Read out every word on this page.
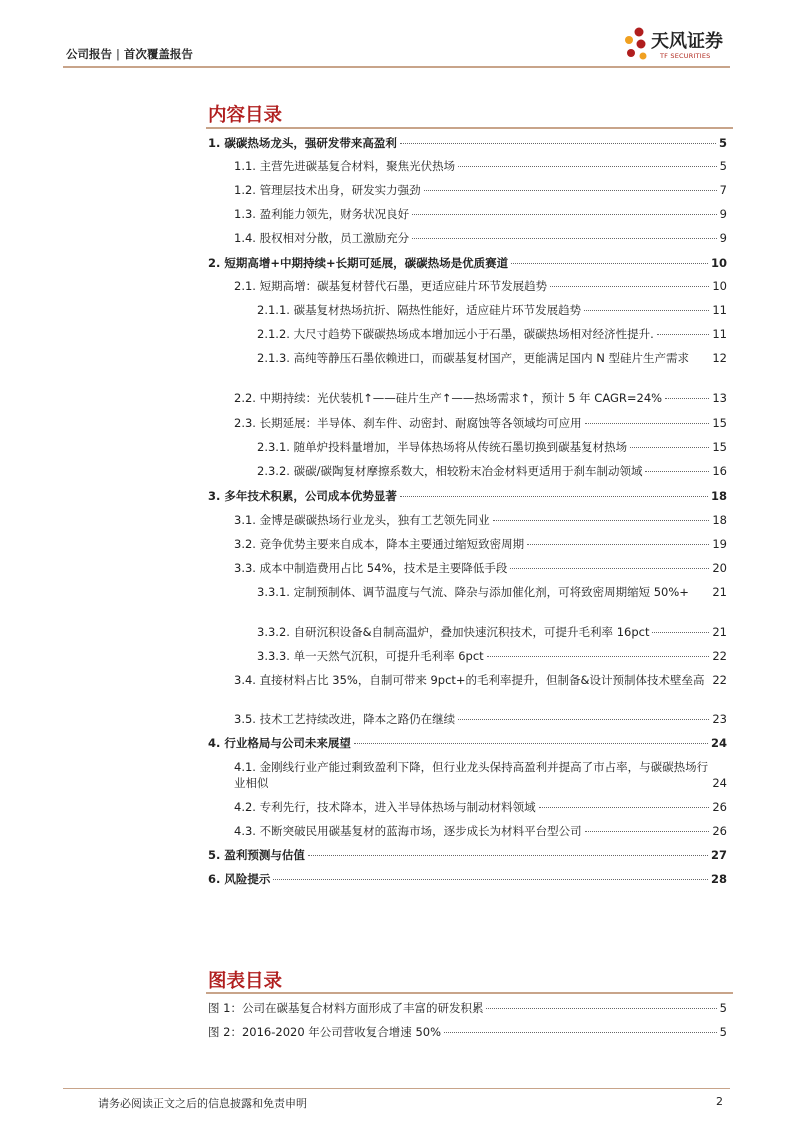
公司报告 | 首次覆盖报告
天风证券
TF SECURITIES
内容目录
1. 碳碳热场龙头，强研发带来高盈利	5
1.1. 主营先进碳基复合材料，聚焦光伏热场	5
1.2. 管理层技术出身，研发实力强劲	7
1.3. 盈利能力领先，财务状况良好	9
1.4. 股权相对分散，员工激励充分	9
2. 短期高增+中期持续+长期可延展，碳碳热场是优质赛道	10
2.1. 短期高增：碳基复材替代石墨，更适应硅片环节发展趋势	10
2.1.1. 碳基复材热场抗折、隔热性能好，适应硅片环节发展趋势	11
2.1.2. 大尺寸趋势下碳碳热场成本增加远小于石墨，碳碳热场相对经济性提升.	11
2.1.3. 高纯等静压石墨依赖进口，而碳基复材国产，更能满足国内 N 型硅片生产需求	12
2.2. 中期持续：光伏装机↑——硅片生产↑——热场需求↑，预计 5 年 CAGR=24%	13
2.3. 长期延展：半导体、刹车件、动密封、耐腐蚀等各领域均可应用	15
2.3.1. 随单炉投料量增加，半导体热场将从传统石墨切换到碳基复材热场	15
2.3.2. 碳碳/碳陶复材摩擦系数大，相较粉末冶金材料更适用于刹车制动领域	16
3. 多年技术积累，公司成本优势显著	18
3.1. 金博是碳碳热场行业龙头，独有工艺领先同业	18
3.2. 竞争优势主要来自成本，降本主要通过缩短致密周期	19
3.3. 成本中制造费用占比 54%，技术是主要降低手段	20
3.3.1. 定制预制体、调节温度与气流、降杂与添加催化剂，可将致密周期缩短 50%+	21
3.3.2. 自研沉积设备&自制高温炉，叠加快速沉积技术，可提升毛利率 16pct	21
3.3.3. 单一天然气沉积，可提升毛利率 6pct	22
3.4. 直接材料占比 35%，自制可带来 9pct+的毛利率提升，但制备&设计预制体技术壁垒高 22
3.5. 技术工艺持续改进，降本之路仍在继续	23
4. 行业格局与公司未来展望	24
4.1. 金刚线行业产能过剩致盈利下降，但行业龙头保持高盈利并提高了市占率，与碳碳热场行业相似	24
4.2. 专利先行，技术降本，进入半导体热场与制动材料领域	26
4.3. 不断突破民用碳基复材的蓝海市场，逐步成长为材料平台型公司	26
5. 盈利预测与估值	27
6. 风险提示	28
图表目录
图 1：公司在碳基复合材料方面形成了丰富的研发积累	5
图 2：2016-2020 年公司营收复合增速 50%	5
请务必阅读正文之后的信息披露和免责申明	2
